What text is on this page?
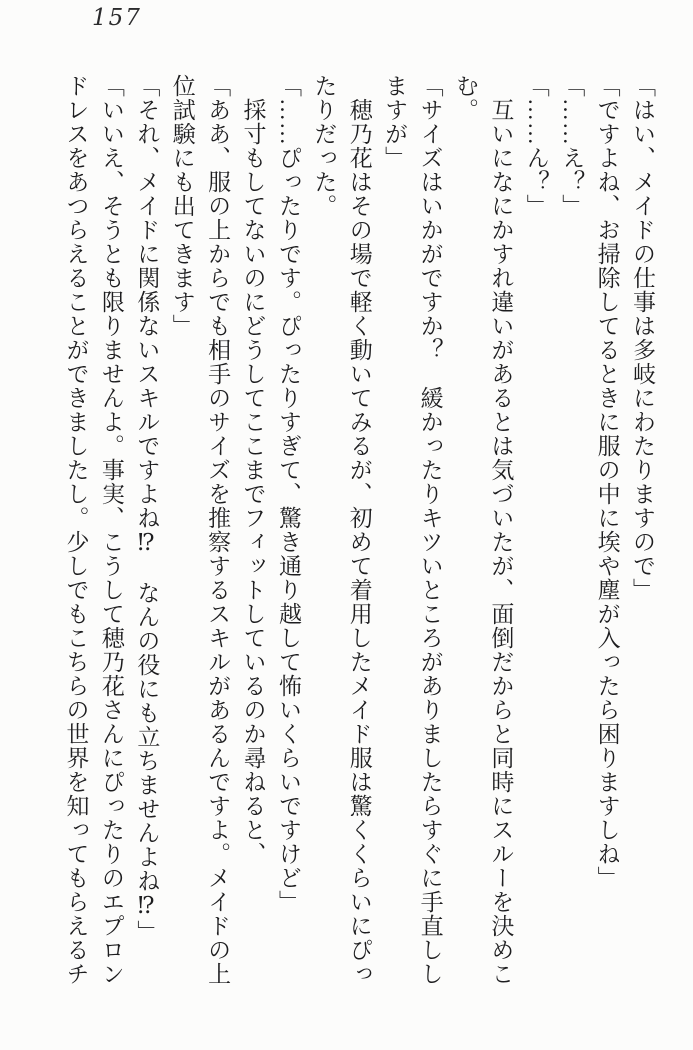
157
「はい、メイドの仕事は多岐にわたりますので」
「ですよね、お掃除してるときに服の中に埃や塵が入ったら困りますしね」
「……え？」
「……ん？」
互いになにかすれ違いがあるとは気づいたが、面倒だからと同時にスルーを決めこ
む。
「サイズはいかがですか？　緩かったりキツいところがありましたらすぐに手直しし
ますが」
穂乃花はその場で軽く動いてみるが、初めて着用したメイド服は驚くくらいにぴっ
たりだった。
「……ぴったりです。ぴったりすぎて、驚き通り越して怖いくらいですけど」
採寸もしてないのにどうしてここまでフィットしているのか尋ねると、
「ああ、服の上からでも相手のサイズを推察するスキルがあるんですよ。メイドの上
位試験にも出てきます」
「それ、メイドに関係ないスキルですよね⁉　なんの役にも立ちませんよね⁉」
「いいえ、そうとも限りませんよ。事実、こうして穂乃花さんにぴったりのエプロン
ドレスをあつらえることができましたし。少しでもこちらの世界を知ってもらえるチ
